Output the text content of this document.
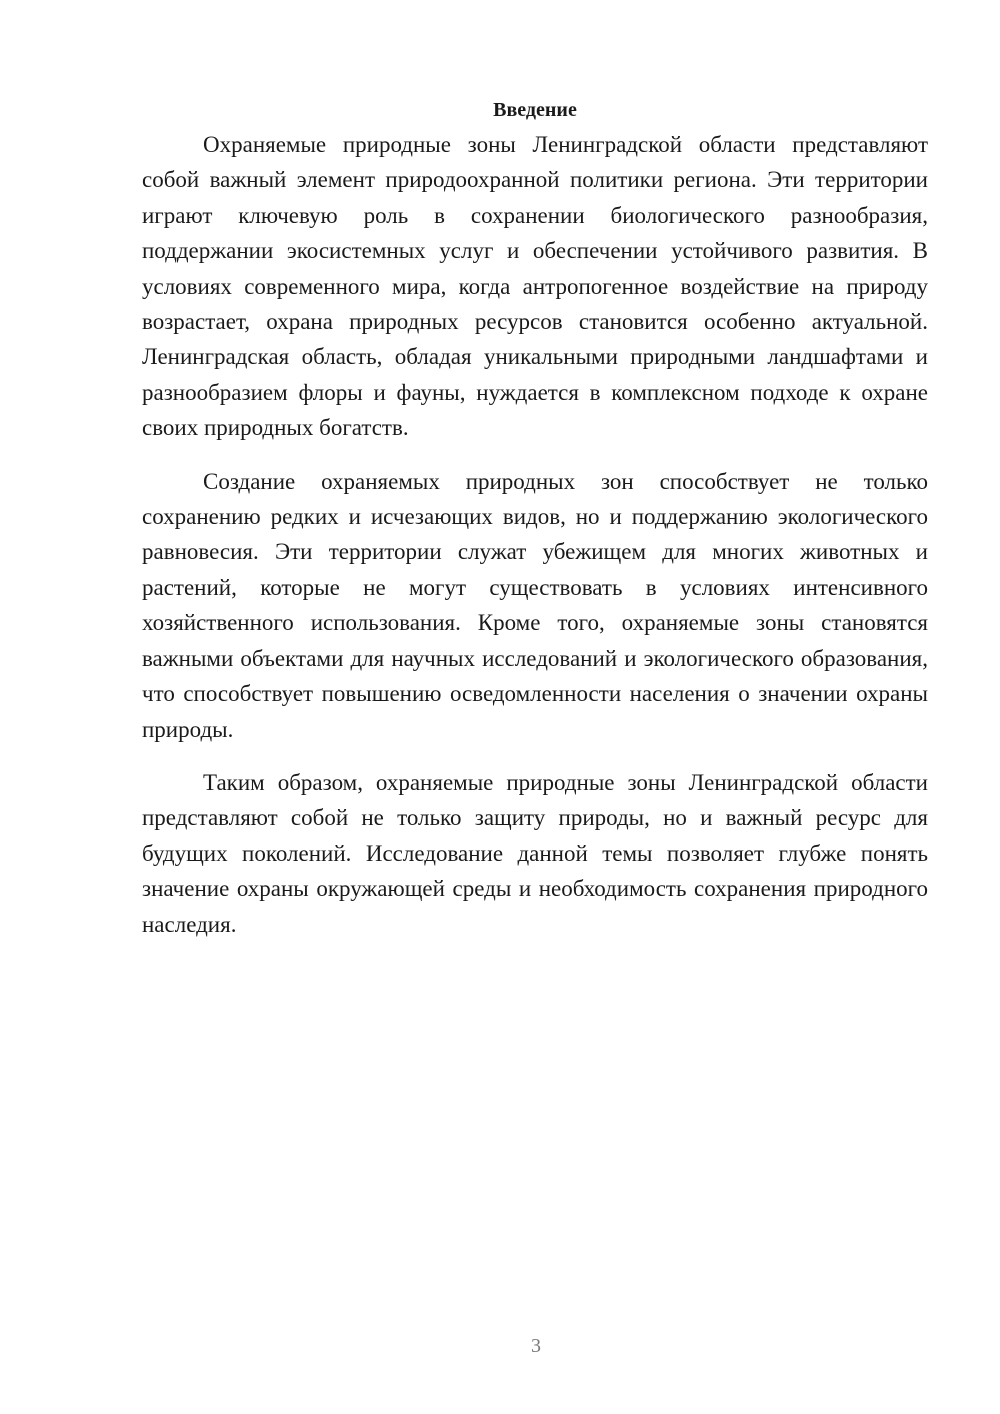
Введение

Охраняемые природные зоны Ленинградской области представляют собой важный элемент природоохранной политики региона. Эти территории играют ключевую роль в сохранении биологического разнообразия, поддержании экосистемных услуг и обеспечении устойчивого развития. В условиях современного мира, когда антропогенное воздействие на природу возрастает, охрана природных ресурсов становится особенно актуальной. Ленинградская область, обладая уникальными природными ландшафтами и разнообразием флоры и фауны, нуждается в комплексном подходе к охране своих природных богатств.

Создание охраняемых природных зон способствует не только сохранению редких и исчезающих видов, но и поддержанию экологического равновесия. Эти территории служат убежищем для многих животных и растений, которые не могут существовать в условиях интенсивного хозяйственного использования. Кроме того, охраняемые зоны становятся важными объектами для научных исследований и экологического образования, что способствует повышению осведомленности населения о значении охраны природы.

Таким образом, охраняемые природные зоны Ленинградской области представляют собой не только защиту природы, но и важный ресурс для будущих поколений. Исследование данной темы позволяет глубже понять значение охраны окружающей среды и необходимость сохранения природного наследия.

3
